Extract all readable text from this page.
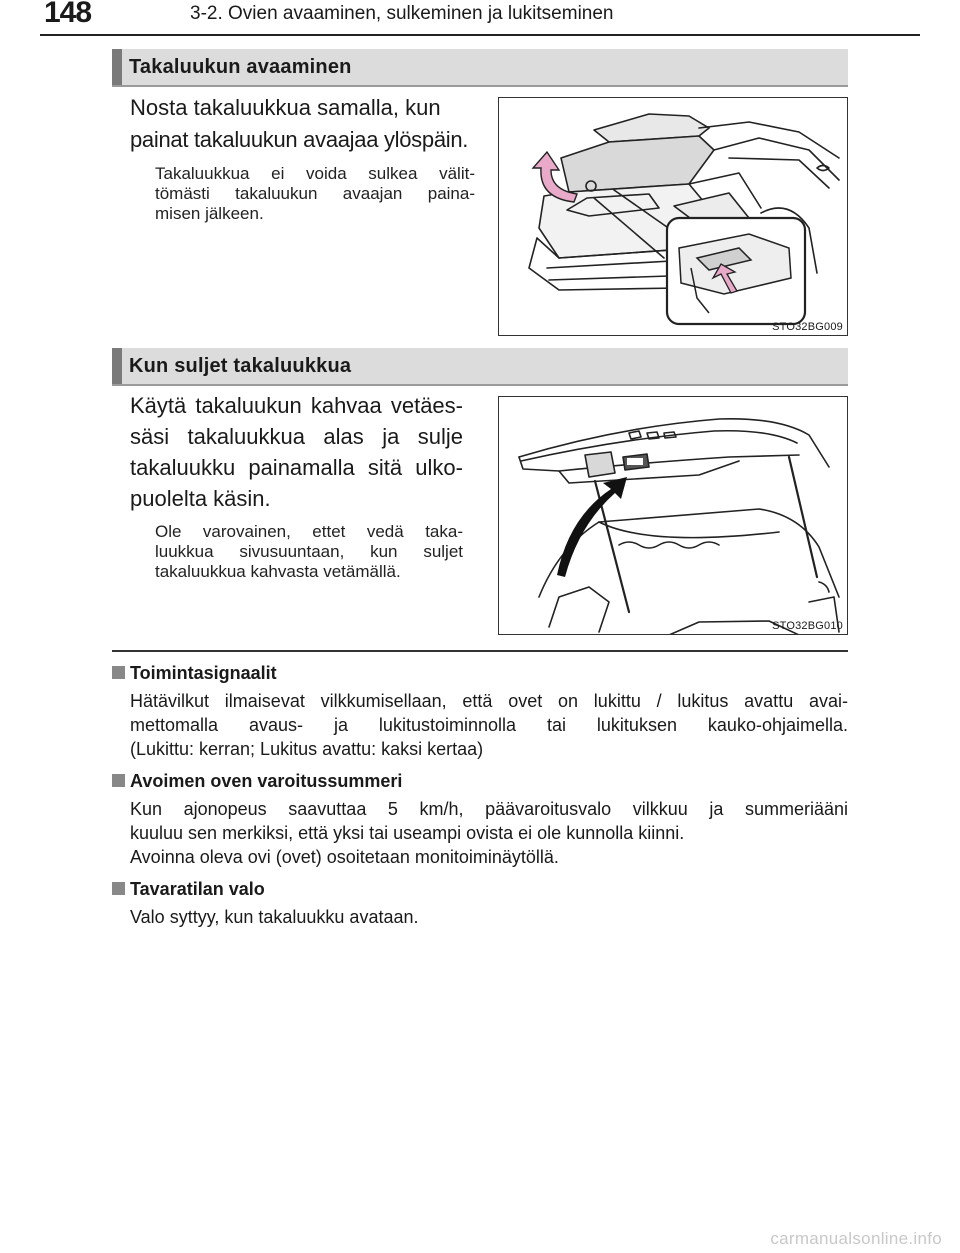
148	3-2. Ovien avaaminen, sulkeminen ja lukitseminen
Takaluukun avaaminen
Nosta takaluukkua samalla, kun
painat takaluukun avaajaa ylöspäin.
Takaluukkua ei voida sulkea välit-
tömästi takaluukun avaajan paina-
misen jälkeen.
STO32BG009
Kun suljet takaluukkua
Käytä takaluukun kahvaa vetäes-
säsi takaluukkua alas ja sulje
takaluukku painamalla sitä ulko-
puolelta käsin.
Ole varovainen, ettet vedä taka-
luukkua sivusuuntaan, kun suljet
takaluukkua kahvasta vetämällä.
STO32BG010
Toimintasignaalit
Hätävilkut ilmaisevat vilkkumisellaan, että ovet on lukittu / lukitus avattu avai-
mettomalla avaus- ja lukitustoiminnolla tai lukituksen kauko-ohjaimella.
(Lukittu: kerran; Lukitus avattu: kaksi kertaa)
Avoimen oven varoitussummeri
Kun ajonopeus saavuttaa 5 km/h, päävaroitusvalo vilkkuu ja summeriääni
kuuluu sen merkiksi, että yksi tai useampi ovista ei ole kunnolla kiinni.
Avoinna oleva ovi (ovet) osoitetaan monitoiminäytöllä.
Tavaratilan valo
Valo syttyy, kun takaluukku avataan.
carmanualsonline.info
